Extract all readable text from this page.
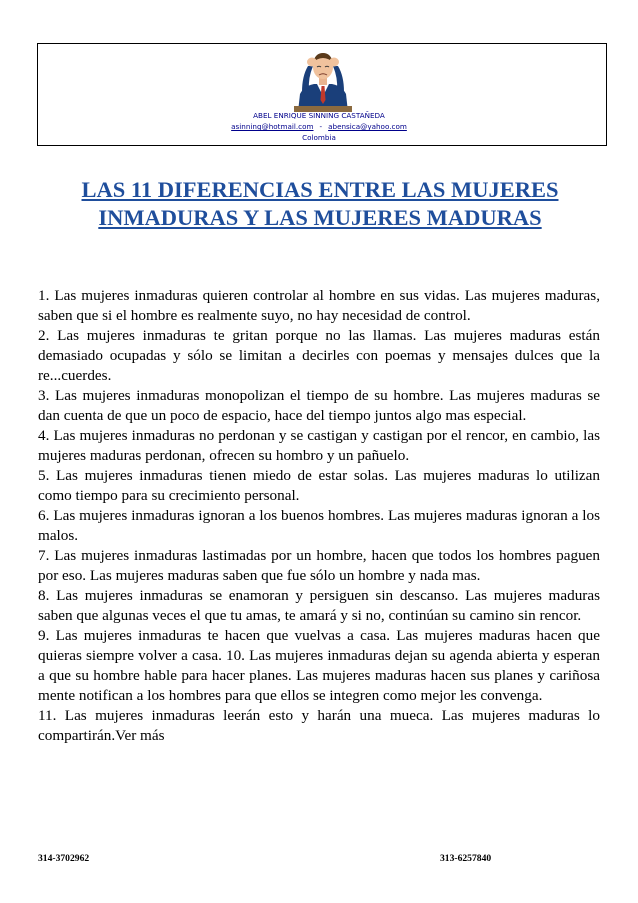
ABEL ENRIQUE SINNING CASTAÑEDA
asinning@hotmail.com - abensica@yahoo.com
Colombia
LAS 11 DIFERENCIAS ENTRE LAS MUJERES
INMADURAS Y LAS MUJERES MADURAS

1. Las mujeres inmaduras quieren controlar al hombre en sus vidas. Las mujeres maduras, saben que si el hombre es realmente suyo, no hay necesidad de control.

2. Las mujeres inmaduras te gritan porque no las llamas. Las mujeres maduras están demasiado ocupadas y sólo se limitan a decirles con poemas y mensajes dulces que la re...cuerdes.

3. Las mujeres inmaduras monopolizan el tiempo de su hombre. Las mujeres maduras se dan cuenta de que un poco de espacio, hace del tiempo juntos algo mas especial.

4. Las mujeres inmaduras no perdonan y se castigan y castigan por el rencor, en cambio, las mujeres maduras perdonan, ofrecen su hombro y un pañuelo.

5. Las mujeres inmaduras tienen miedo de estar solas. Las mujeres maduras lo utilizan como tiempo para su crecimiento personal.

6. Las mujeres inmaduras ignoran a los buenos hombres. Las mujeres maduras ignoran a los malos.

7. Las mujeres inmaduras lastimadas por un hombre, hacen que todos los hombres paguen por eso. Las mujeres maduras saben que fue sólo un hombre y nada mas.

8. Las mujeres inmaduras se enamoran y persiguen sin descanso. Las mujeres maduras saben que algunas veces el que tu amas, te amará y si no, continúan su camino sin rencor.

9. Las mujeres inmaduras te hacen que vuelvas a casa. Las mujeres maduras hacen que quieras siempre volver a casa. 10. Las mujeres inmaduras dejan su agenda abierta y esperan a que su hombre hable para hacer planes. Las mujeres maduras hacen sus planes y cariñosa mente notifican a los hombres para que ellos se integren como mejor les convenga.

11. Las mujeres inmaduras leerán esto y harán una mueca. Las mujeres maduras lo compartirán.Ver más

314-3702962	313-6257840
